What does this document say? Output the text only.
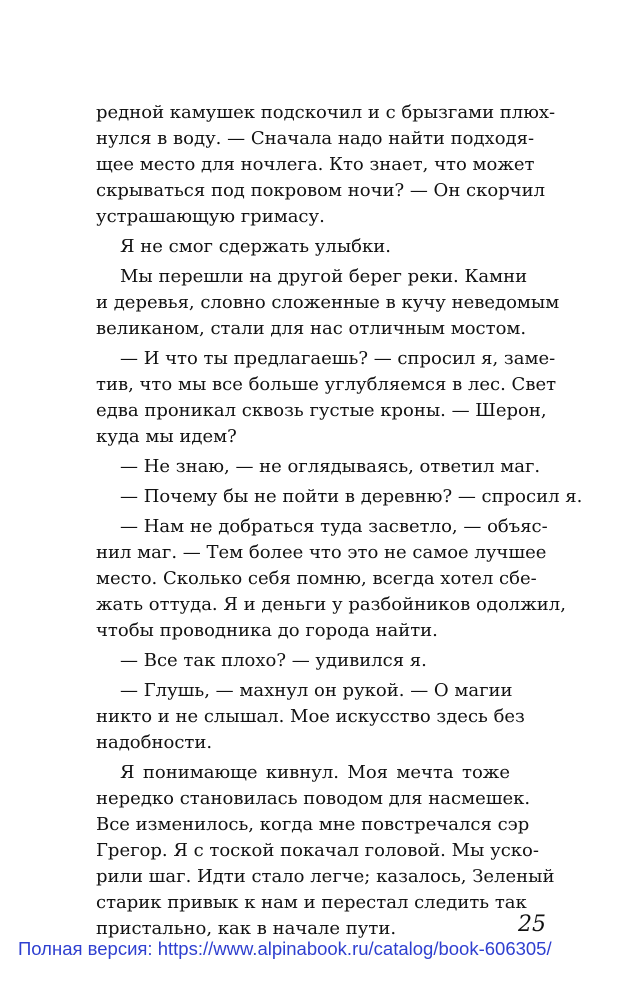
редной камушек подскочил и с брызгами плюх-
нулся в воду. — Сначала надо найти подходя-
щее место для ночлега. Кто знает, что может
скрываться под покровом ночи? — Он скорчил
устрашающую гримасу.

Я не смог сдержать улыбки.

Мы перешли на другой берег реки. Камни
и деревья, словно сложенные в кучу неведомым
великаном, стали для нас отличным мостом.

— И что ты предлагаешь? — спросил я, заме-
тив, что мы все больше углубляемся в лес. Свет
едва проникал сквозь густые кроны. — Шерон,
куда мы идем?

— Не знаю, — не оглядываясь, ответил маг.

— Почему бы не пойти в деревню? — спросил я.

— Нам не добраться туда засветло, — объяс-
нил маг. — Тем более что это не самое лучшее
место. Сколько себя помню, всегда хотел сбе-
жать оттуда. Я и деньги у разбойников одолжил,
чтобы проводника до города найти.

— Все так плохо? — удивился я.

— Глушь, — махнул он рукой. — О магии
никто и не слышал. Мое искусство здесь без
надобности.

Я понимающе кивнул. Моя мечта тоже
нередко становилась поводом для насмешек.
Все изменилось, когда мне повстречался сэр
Грегор. Я с тоской покачал головой. Мы уско-
рили шаг. Идти стало легче; казалось, Зеленый
старик привык к нам и перестал следить так
пристально, как в начале пути.	25
Полная версия: https://www.alpinabook.ru/catalog/book-606305/
